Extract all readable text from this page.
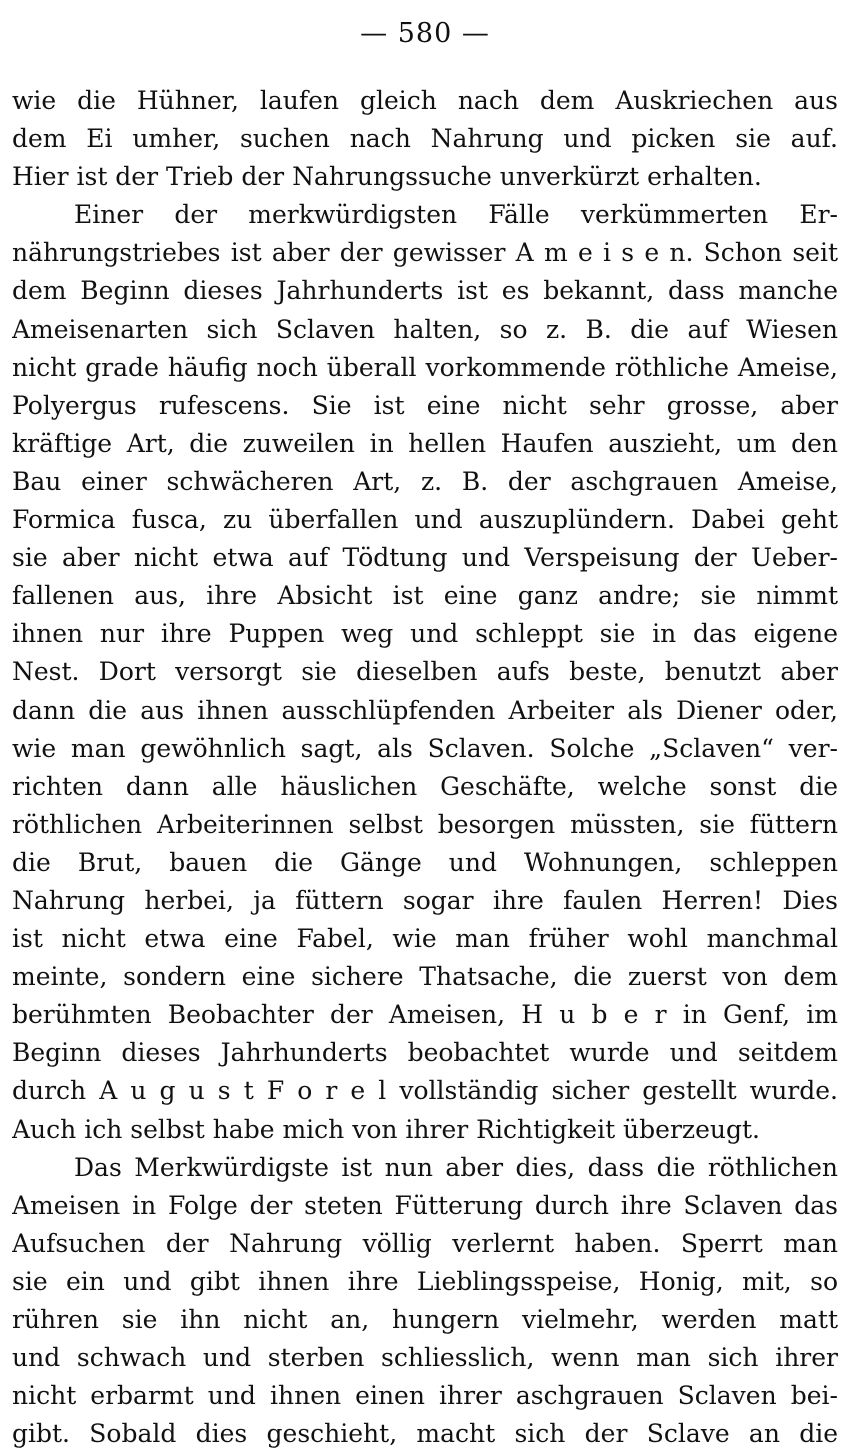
— 580 —
wie die Hühner, laufen gleich nach dem Auskriechen aus
dem Ei umher, suchen nach Nahrung und picken sie auf.
Hier ist der Trieb der Nahrungssuche unverkürzt erhalten.
Einer der merkwürdigsten Fälle verkümmerten Er-
nährungstriebes ist aber der gewisser A m e i s e n. Schon seit
dem Beginn dieses Jahrhunderts ist es bekannt, dass manche
Ameisenarten sich Sclaven halten, so z. B. die auf Wiesen
nicht grade häufig noch überall vorkommende röthliche Ameise,
Polyergus rufescens. Sie ist eine nicht sehr grosse, aber
kräftige Art, die zuweilen in hellen Haufen auszieht, um den
Bau einer schwächeren Art, z. B. der aschgrauen Ameise,
Formica fusca, zu überfallen und auszuplündern. Dabei geht
sie aber nicht etwa auf Tödtung und Verspeisung der Ueber-
fallenen aus, ihre Absicht ist eine ganz andre; sie nimmt
ihnen nur ihre Puppen weg und schleppt sie in das eigene
Nest. Dort versorgt sie dieselben aufs beste, benutzt aber
dann die aus ihnen ausschlüpfenden Arbeiter als Diener oder,
wie man gewöhnlich sagt, als Sclaven. Solche „Sclaven“ ver-
richten dann alle häuslichen Geschäfte, welche sonst die
röthlichen Arbeiterinnen selbst besorgen müssten, sie füttern
die Brut, bauen die Gänge und Wohnungen, schleppen
Nahrung herbei, ja füttern sogar ihre faulen Herren! Dies
ist nicht etwa eine Fabel, wie man früher wohl manchmal
meinte, sondern eine sichere Thatsache, die zuerst von dem
berühmten Beobachter der Ameisen, H u b e r in Genf, im
Beginn dieses Jahrhunderts beobachtet wurde und seitdem
durch A u g u s t F o r e l vollständig sicher gestellt wurde.
Auch ich selbst habe mich von ihrer Richtigkeit überzeugt.
Das Merkwürdigste ist nun aber dies, dass die röthlichen
Ameisen in Folge der steten Fütterung durch ihre Sclaven das
Aufsuchen der Nahrung völlig verlernt haben. Sperrt man
sie ein und gibt ihnen ihre Lieblingsspeise, Honig, mit, so
rühren sie ihn nicht an, hungern vielmehr, werden matt
und schwach und sterben schliesslich, wenn man sich ihrer
nicht erbarmt und ihnen einen ihrer aschgrauen Sclaven bei-
gibt. Sobald dies geschieht, macht sich der Sclave an die
